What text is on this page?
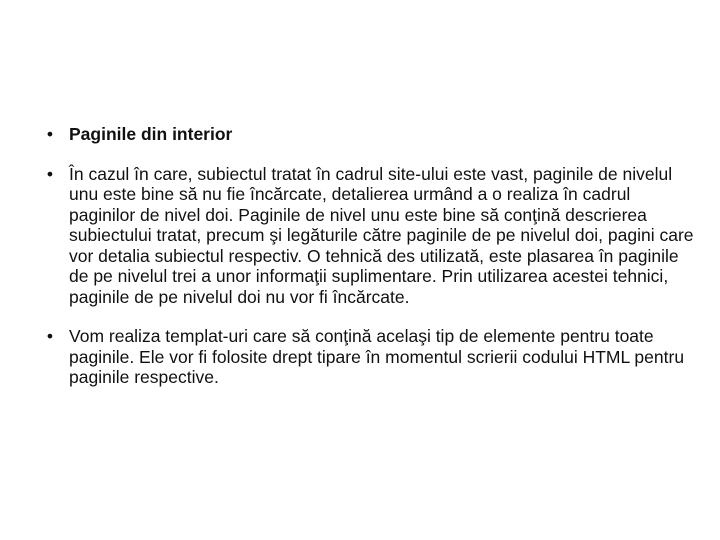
• Paginile din interior
• În cazul în care, subiectul tratat în cadrul site-ului este vast, paginile de nivelul unu este bine să nu fie încărcate, detalierea urmând a o realiza în cadrul paginilor de nivel doi. Paginile de nivel unu este bine să conţină descrierea subiectului tratat, precum şi legăturile către paginile de pe nivelul doi, pagini care vor detalia subiectul respectiv. O tehnică des utilizată, este plasarea în paginile de pe nivelul trei a unor informaţii suplimentare. Prin utilizarea acestei tehnici, paginile de pe nivelul doi nu vor fi încărcate.
• Vom realiza templat-uri care să conţină acelaşi tip de elemente pentru toate paginile. Ele vor fi folosite drept tipare în momentul scrierii codului HTML pentru paginile respective.
